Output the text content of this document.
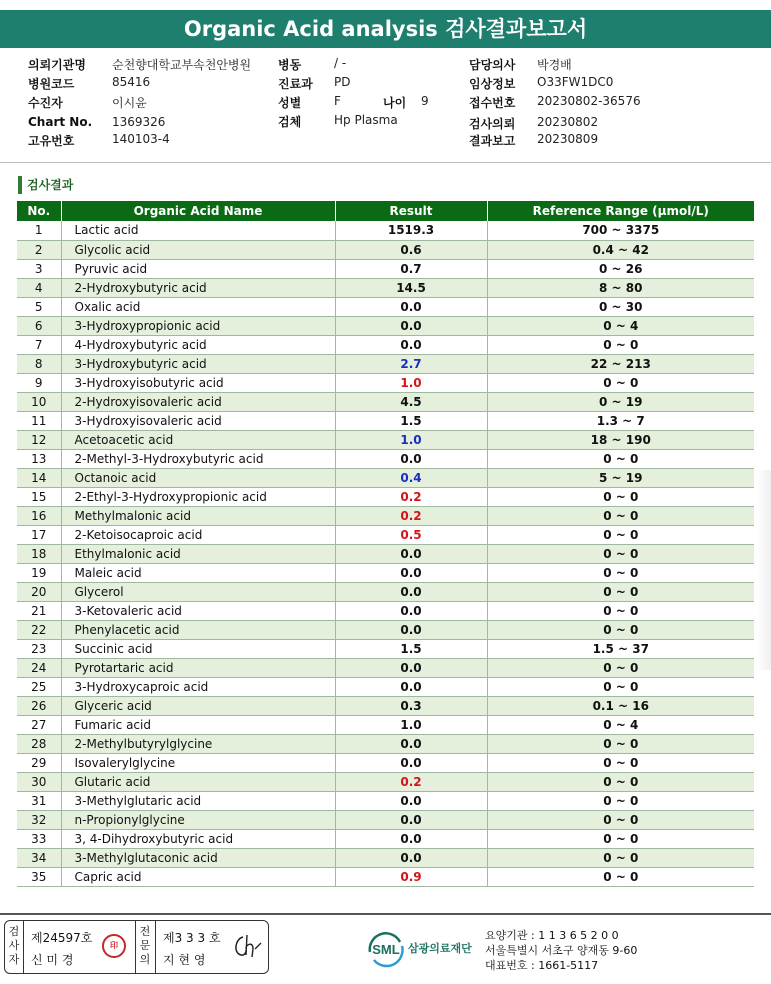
Organic Acid analysis 검사결과보고서
의뢰기관명 순천향대학교부속천안병원
병원코드	85416
수진자	이시윤
Chart No. 1369326
고유번호	140103-4
병동	/ -
진료과 PD
성별	F	나이 9
검체	Hp Plasma
담당의사 박경배
임상정보 O33FW1DC0
접수번호 20230802-36576
검사의뢰 20230802
결과보고 20230809
검사결과
No.	Organic Acid Name	Result	Reference Range (μmol/L)
1	Lactic acid	1519.3	700 ~ 3375
2	Glycolic acid	0.6	0.4 ~ 42
3	Pyruvic acid	0.7	0 ~ 26
4	2-Hydroxybutyric acid	14.5	8 ~ 80
5	Oxalic acid	0.0	0 ~ 30
6	3-Hydroxypropionic acid	0.0	0 ~ 4
7	4-Hydroxybutyric acid	0.0	0 ~ 0
8	3-Hydroxybutyric acid	2.7	22 ~ 213
9	3-Hydroxyisobutyric acid	1.0	0 ~ 0
10	2-Hydroxyisovaleric acid	4.5	0 ~ 19
11	3-Hydroxyisovaleric acid	1.5	1.3 ~ 7
12	Acetoacetic acid	1.0	18 ~ 190
13	2-Methyl-3-Hydroxybutyric acid	0.0	0 ~ 0
14	Octanoic acid	0.4	5 ~ 19
15	2-Ethyl-3-Hydroxypropionic acid	0.2	0 ~ 0
16	Methylmalonic acid	0.2	0 ~ 0
17	2-Ketoisocaproic acid	0.5	0 ~ 0
18	Ethylmalonic acid	0.0	0 ~ 0
19	Maleic acid	0.0	0 ~ 0
20	Glycerol	0.0	0 ~ 0
21	3-Ketovaleric acid	0.0	0 ~ 0
22	Phenylacetic acid	0.0	0 ~ 0
23	Succinic acid	1.5	1.5 ~ 37
24	Pyrotartaric acid	0.0	0 ~ 0
25	3-Hydroxycaproic acid	0.0	0 ~ 0
26	Glyceric acid	0.3	0.1 ~ 16
27	Fumaric acid	1.0	0 ~ 4
28	2-Methylbutyrylglycine	0.0	0 ~ 0
29	Isovalerylglycine	0.0	0 ~ 0
30	Glutaric acid	0.2	0 ~ 0
31	3-Methylglutaric acid	0.0	0 ~ 0
32	n-Propionylglycine	0.0	0 ~ 0
33	3, 4-Dihydroxybutyric acid	0.0	0 ~ 0
34	3-Methylglutaconic acid	0.0	0 ~ 0
35	Capric acid	0.9	0 ~ 0
검사자
제24597호
신 미 경
印
전문의
제3 3 3 호
지 현 영
SML 삼광의료재단
요양기관 : 1 1 3 6 5 2 0 0
서울특별시 서초구 양재동 9-60
대표번호 : 1661-5117
